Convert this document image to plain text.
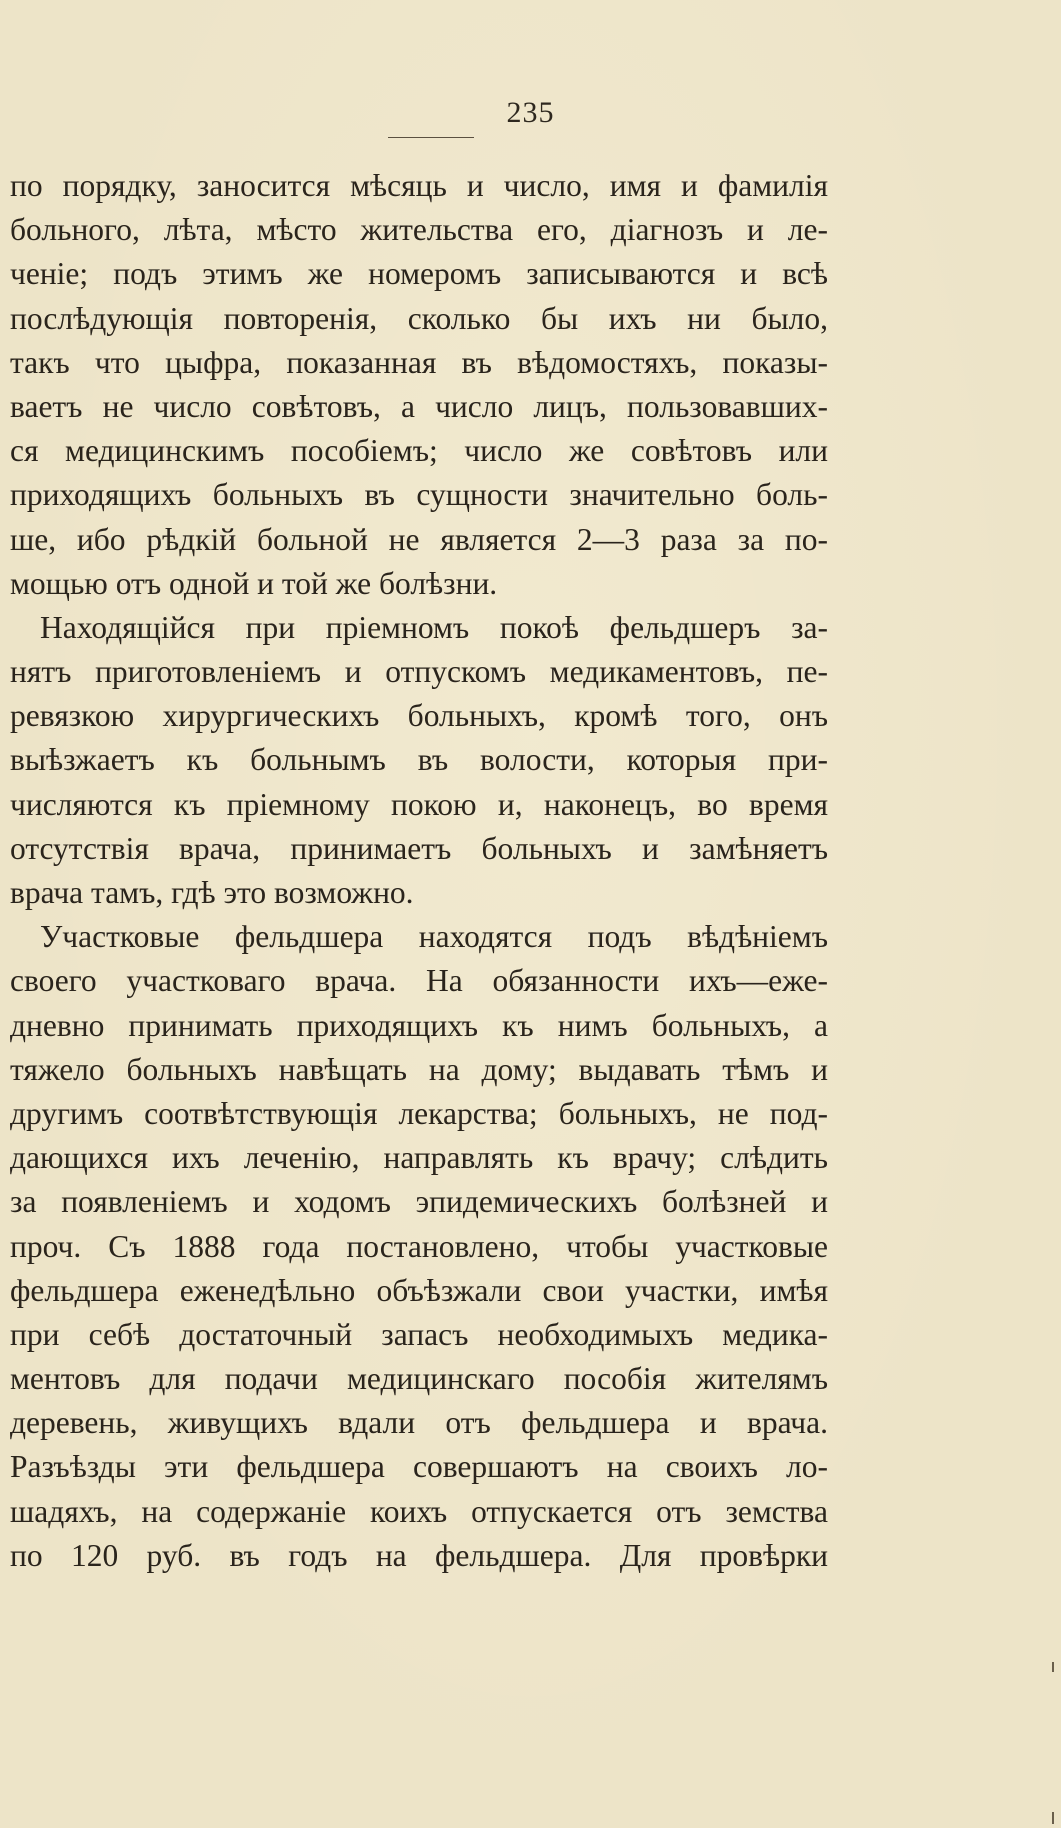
235
по порядку, заносится мѣсяць и число, имя и фамилія
больного, лѣта, мѣсто жительства его, діагнозъ и ле-
ченіе; подъ этимъ же номеромъ записываются и всѣ
послѣдующія повторенія, сколько бы ихъ ни было,
такъ что цыфра, показанная въ вѣдомостяхъ, показы-
ваетъ не число совѣтовъ, а число лицъ, пользовавших-
ся медицинскимъ пособіемъ; число же совѣтовъ или
приходящихъ больныхъ въ сущности значительно боль-
ше, ибо рѣдкій больной не является 2—3 раза за по-
мощью отъ одной и той же болѣзни.
Находящійся при пріемномъ покоѣ фельдшеръ за-
нятъ приготовленіемъ и отпускомъ медикаментовъ, пе-
ревязкою хирургическихъ больныхъ, кромѣ того, онъ
выѣзжаетъ къ больнымъ въ волости, которыя при-
числяются къ пріемному покою и, наконецъ, во время
отсутствія врача, принимаетъ больныхъ и замѣняетъ
врача тамъ, гдѣ это возможно.
Участковые фельдшера находятся подъ вѣдѣніемъ
своего участковаго врача. На обязанности ихъ—еже-
дневно принимать приходящихъ къ нимъ больныхъ, а
тяжело больныхъ навѣщать на дому; выдавать тѣмъ и
другимъ соотвѣтствующія лекарства; больныхъ, не под-
дающихся ихъ леченію, направлять къ врачу; слѣдить
за появленіемъ и ходомъ эпидемическихъ болѣзней и
проч. Съ 1888 года постановлено, чтобы участковые
фельдшера еженедѣльно объѣзжали свои участки, имѣя
при себѣ достаточный запасъ необходимыхъ медика-
ментовъ для подачи медицинскаго пособія жителямъ
деревень, живущихъ вдали отъ фельдшера и врача.
Разъѣзды эти фельдшера совершаютъ на своихъ ло-
шадяхъ, на содержаніе коихъ отпускается отъ земства
по 120 руб. въ годъ на фельдшера. Для провѣрки
